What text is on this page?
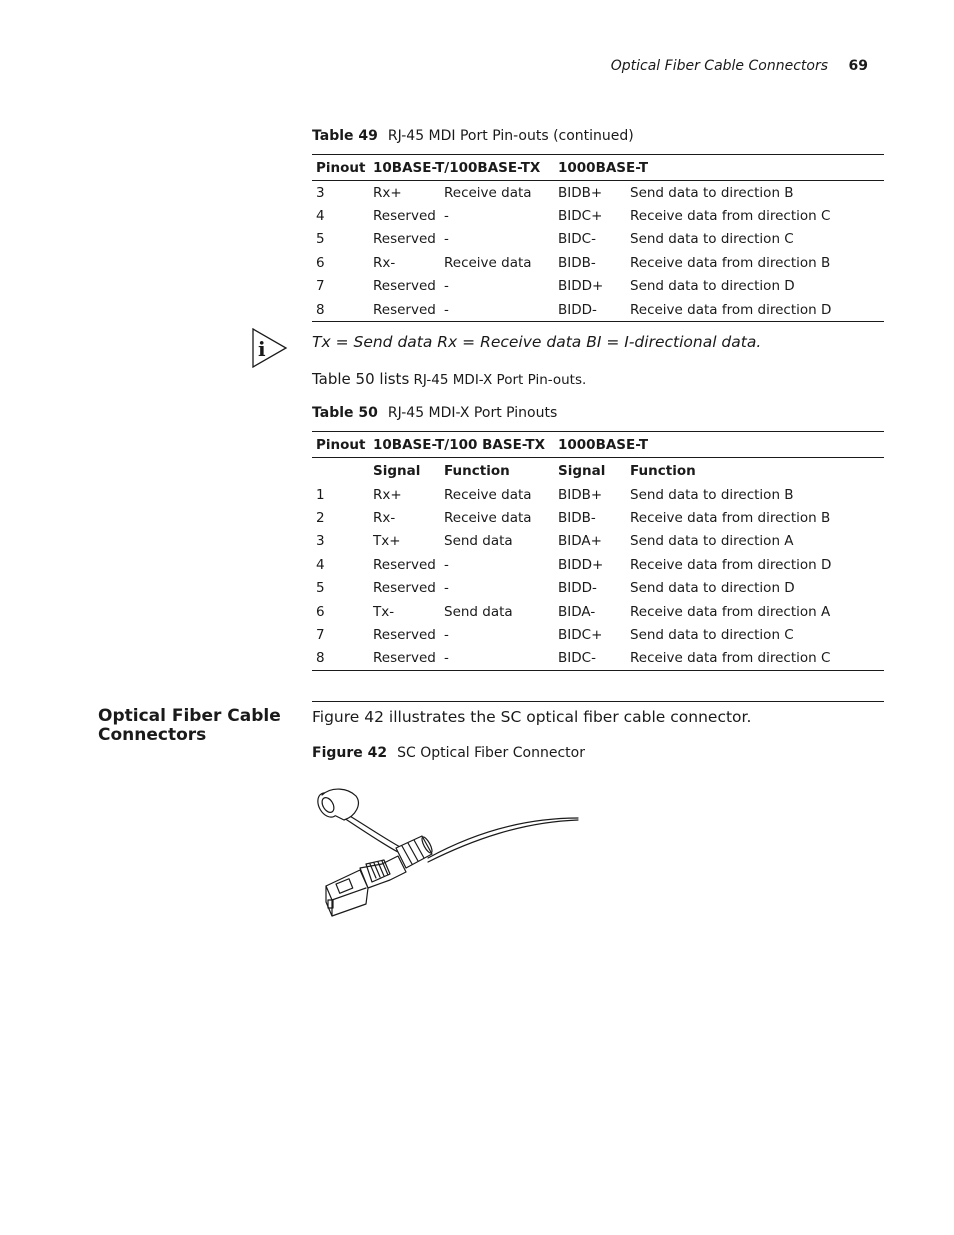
Optical Fiber Cable Connectors	69
Table 49 RJ-45 MDI Port Pin-outs (continued)
Pinout	10BASE-T/100BASE-TX		1000BASE-T	
3	Rx+	Receive data	BIDB+	Send data to direction B
4	Reserved	-	BIDC+	Receive data from direction C
5	Reserved	-	BIDC-	Send data to direction C
6	Rx-	Receive data	BIDB-	Receive data from direction B
7	Reserved	-	BIDD+	Send data to direction D
8	Reserved	-	BIDD-	Receive data from direction D
i	Tx = Send data Rx = Receive data BI = I-directional data.
Table 50 lists RJ-45 MDI-X Port Pin-outs.
Table 50 RJ-45 MDI-X Port Pinouts
Pinout	10BASE-T/100 BASE-TX		1000BASE-T	
	Signal	Function	Signal	Function
1	Rx+	Receive data	BIDB+	Send data to direction B
2	Rx-	Receive data	BIDB-	Receive data from direction B
3	Tx+	Send data	BIDA+	Send data to direction A
4	Reserved	-	BIDD+	Receive data from direction D
5	Reserved	-	BIDD-	Send data to direction D
6	Tx-	Send data	BIDA-	Receive data from direction A
7	Reserved	-	BIDC+	Send data to direction C
8	Reserved	-	BIDC-	Receive data from direction C
Optical Fiber Cable Connectors
Figure 42 illustrates the SC optical fiber cable connector.
Figure 42 SC Optical Fiber Connector
